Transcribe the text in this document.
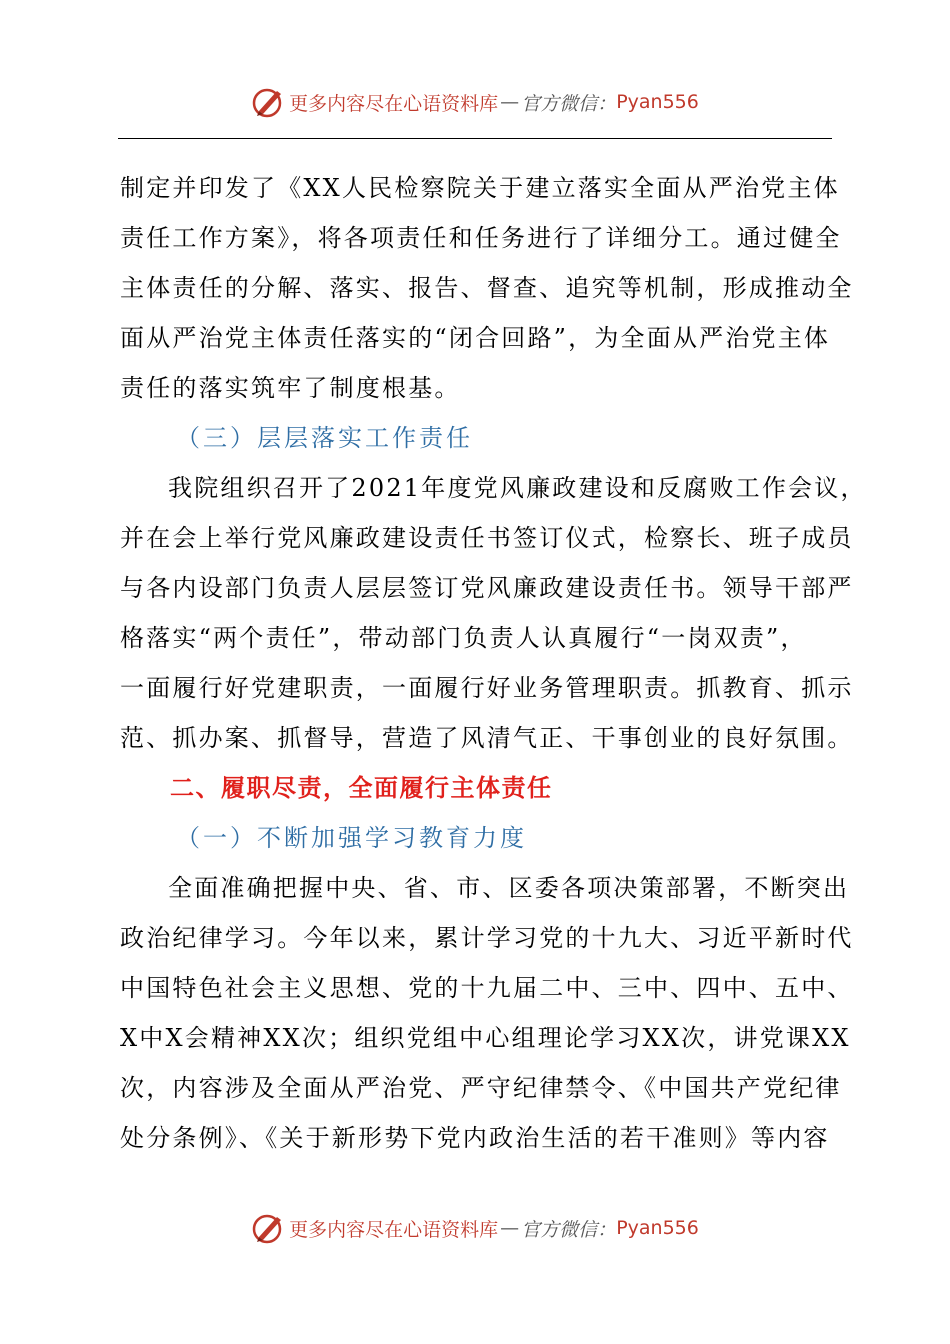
更多内容尽在心语资料库 — 官方微信： Pyan556
制定并印发了《XX人民检察院关于建立落实全面从严治党主体
责任工作方案》，将各项责任和任务进行了详细分工。通过健全
主体责任的分解、落实、报告、督查、追究等机制，形成推动全
面从严治党主体责任落实的“闭合回路”，为全面从严治党主体
责任的落实筑牢了制度根基。
（三）层层落实工作责任
我院组织召开了2021年度党风廉政建设和反腐败工作会议，
并在会上举行党风廉政建设责任书签订仪式，检察长、班子成员
与各内设部门负责人层层签订党风廉政建设责任书。领导干部严
格落实“两个责任”，带动部门负责人认真履行“一岗双责”，
一面履行好党建职责，一面履行好业务管理职责。抓教育、抓示
范、抓办案、抓督导，营造了风清气正、干事创业的良好氛围。
二、履职尽责，全面履行主体责任
（一）不断加强学习教育力度
全面准确把握中央、省、市、区委各项决策部署，不断突出
政治纪律学习。今年以来，累计学习党的十九大、习近平新时代
中国特色社会主义思想、党的十九届二中、三中、四中、五中、
X中X会精神XX次；组织党组中心组理论学习XX次，讲党课XX
次，内容涉及全面从严治党、严守纪律禁令、《中国共产党纪律
处分条例》、《关于新形势下党内政治生活的若干准则》等内容
更多内容尽在心语资料库 — 官方微信： Pyan556
